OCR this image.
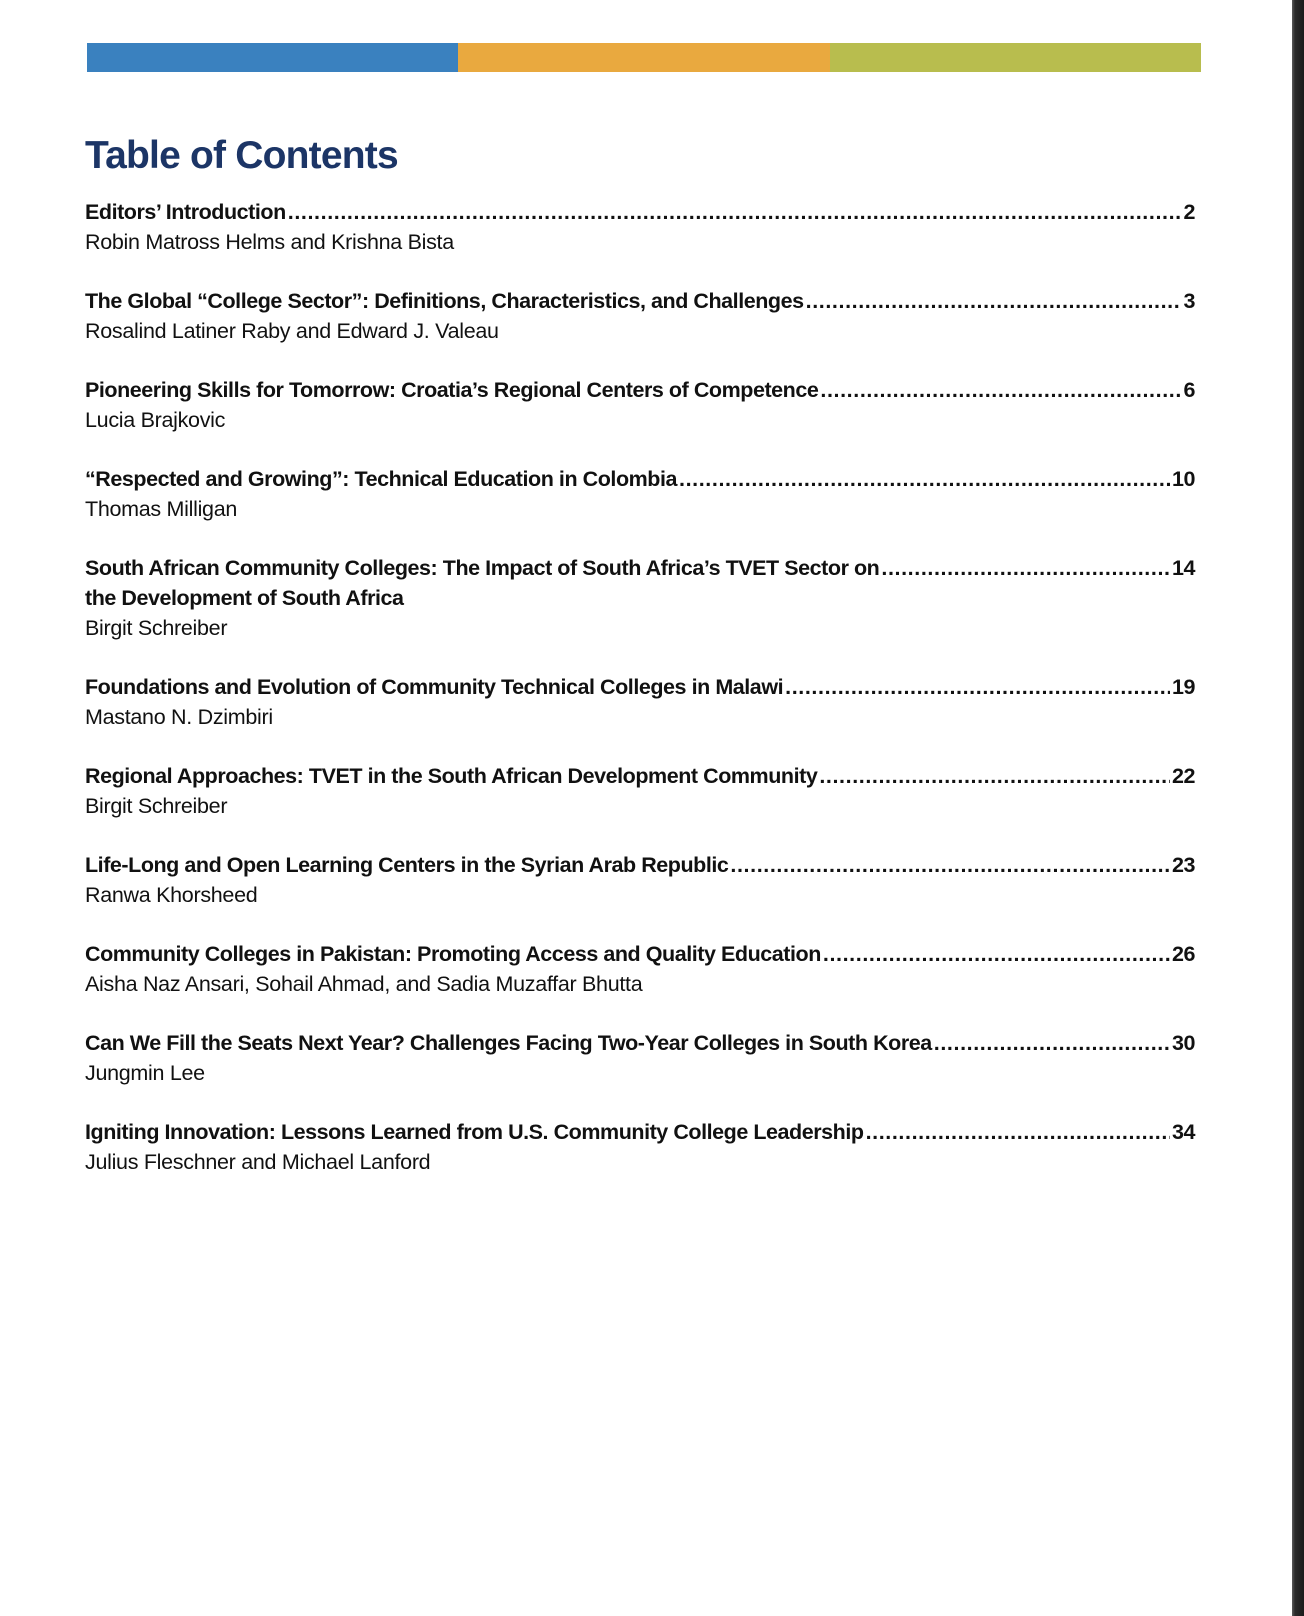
Table of Contents
Editors’ Introduction .....	2
Robin Matross Helms and Krishna Bista
The Global “College Sector”: Definitions, Characteristics, and Challenges .....	3
Rosalind Latiner Raby and Edward J. Valeau
Pioneering Skills for Tomorrow: Croatia’s Regional Centers of Competence .....	6
Lucia Brajkovic
“Respected and Growing”: Technical Education in Colombia .....	10
Thomas Milligan
South African Community Colleges: The Impact of South Africa’s TVET Sector on .....	14
the Development of South Africa
Birgit Schreiber
Foundations and Evolution of Community Technical Colleges in Malawi .....	19
Mastano N. Dzimbiri
Regional Approaches: TVET in the South African Development Community .....	22
Birgit Schreiber
Life-Long and Open Learning Centers in the Syrian Arab Republic .....	23
Ranwa Khorsheed
Community Colleges in Pakistan: Promoting Access and Quality Education .....	26
Aisha Naz Ansari, Sohail Ahmad, and Sadia Muzaffar Bhutta
Can We Fill the Seats Next Year? Challenges Facing Two-Year Colleges in South Korea .....	30
Jungmin Lee
Igniting Innovation: Lessons Learned from U.S. Community College Leadership .....	34
Julius Fleschner and Michael Lanford
